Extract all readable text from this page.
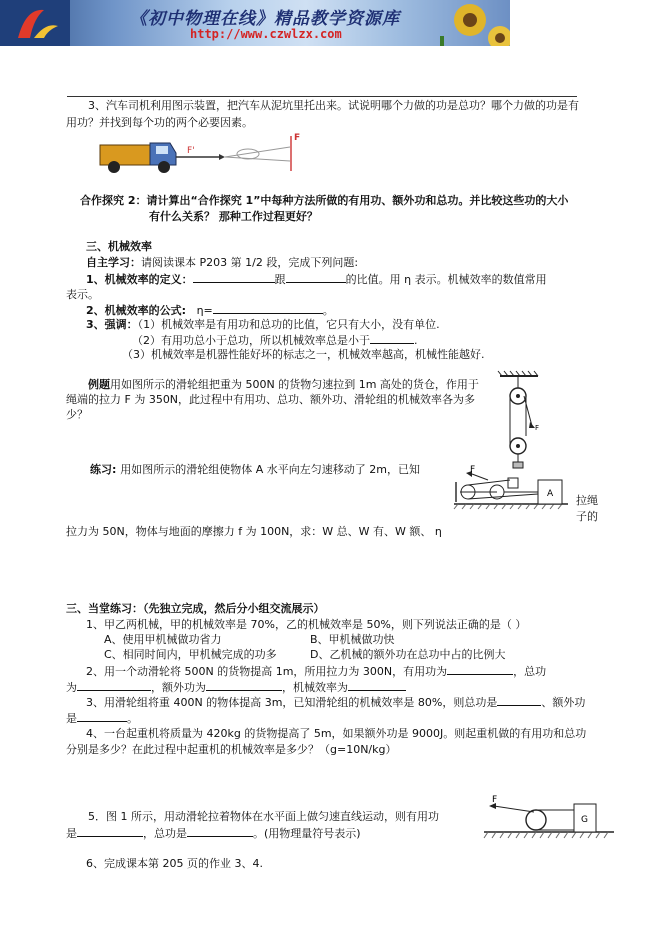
《初中物理在线》精品教学资源库
http://www.czwlzx.com
3、汽车司机利用图示装置，把汽车从泥坑里托出来。试说明哪个力做的功是总功？哪个力做的功是有
用功？并找到每个功的两个必要因素。
F'
F
合作探究 2：请计算出“合作探究 1”中每种方法所做的有用功、额外功和总功。并比较这些功的大小
有什么关系？ 那种工作过程更好？
三、机械效率
自主学习：请阅读课本 P203 第 1/2 段，完成下列问题:
1、机械效率的定义：	跟	的比值。用 η 表示。机械效率的数值常用
表示。
2、机械效率的公式: η=	。
3、强调：（1）机械效率是有用功和总功的比值，它只有大小，没有单位.
（2）有用功总小于总功，所以机械效率总是小于	.
（3）机械效率是机器性能好坏的标志之一，机械效率越高，机械性能越好.
例题用如图所示的滑轮组把重为 500N 的货物匀速拉到 1m 高处的货仓，作用于
绳端的拉力 F 为 350N，此过程中有用功、总功、额外功、滑轮组的机械效率各为多
少？
F
练习: 用如图所示的滑轮组使物体 A 水平向左匀速移动了 2m，已知
拉绳
子的
拉力为 50N，物体与地面的摩擦力 f 为 100N，求：W 总、W 有、W 额、 η
F
A
三、当堂练习：（先独立完成，然后分小组交流展示）
1、甲乙两机械，甲的机械效率是 70%，乙的机械效率是 50%，则下列说法正确的是（ ）
A、使用甲机械做功省力	B、甲机械做功快
C、相同时间内，甲机械完成的功多	D、乙机械的额外功在总功中占的比例大
2、用一个动滑轮将 500N 的货物提高 1m，所用拉力为 300N，有用功为	，总功
为	，额外功为	，机械效率为
3、用滑轮组将重 400N 的物体提高 3m，已知滑轮组的机械效率是 80%，则总功是	、额外功
是	。
4、一台起重机将质量为 420kg 的货物提高了 5m，如果额外功是 9000J。则起重机做的有用功和总功
分别是多少？在此过程中起重机的机械效率是多少？（g=10N/kg）
5．图 1 所示，用动滑轮拉着物体在水平面上做匀速直线运动，则有用功
是	，总功是	。(用物理量符号表示)
F
G
6、完成课本第 205 页的作业 3、4.
